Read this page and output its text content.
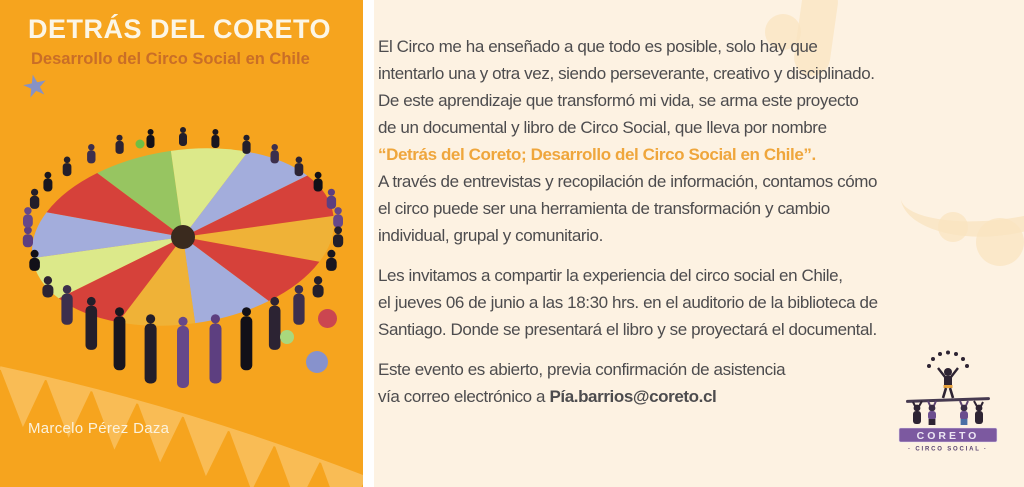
DETRÁS DEL CORETO
Desarrollo del Circo Social en Chile
★
Marcelo Pérez Daza
El Circo me ha enseñado a que todo es posible, solo hay que
intentarlo una y otra vez, siendo perseverante, creativo y disciplinado.
De este aprendizaje que transformó mi vida, se arma este proyecto
de un documental y libro de Circo Social, que lleva por nombre
“Detrás del Coreto; Desarrollo del Circo Social en Chile”.
A través de entrevistas y recopilación de información, contamos cómo
el circo puede ser una herramienta de transformación y cambio
individual, grupal y comunitario.
Les invitamos a compartir la experiencia del circo social en Chile,
el jueves 06 de junio a las 18:30 hrs. en el auditorio de la biblioteca de
Santiago. Donde se presentará el libro y se proyectará el documental.
Este evento es abierto, previa confirmación de asistencia
vía correo electrónico a Pía.barrios@coreto.cl
CORETO
· CIRCO SOCIAL ·
